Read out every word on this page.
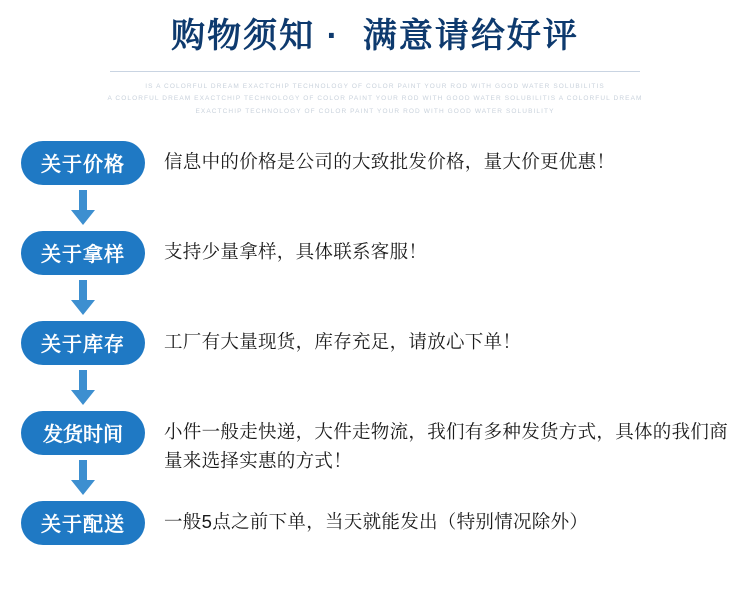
购物须知 ·  满意请给好评
IS A COLORFUL DREAM EXACTCHIP TECHNOLOGY OF COLOR PAINT YOUR ROD WITH GOOD WATER SOLUBILITIS
A COLORFUL DREAM EXACTCHIP TECHNOLOGY OF COLOR PAINT YOUR ROD WITH GOOD WATER SOLUBILITIS A COLORFUL DREAM
EXACTCHIP TECHNOLOGY OF COLOR PAINT YOUR ROD WITH GOOD WATER SOLUBILITY
关于价格	信息中的价格是公司的大致批发价格，量大价更优惠！
关于拿样	支持少量拿样，具体联系客服！
关于库存	工厂有大量现货，库存充足，请放心下单！
发货时间	小件一般走快递，大件走物流，我们有多种发货方式，具体的我们商量来选择实惠的方式！
关于配送	一般5点之前下单，当天就能发出（特别情况除外）
